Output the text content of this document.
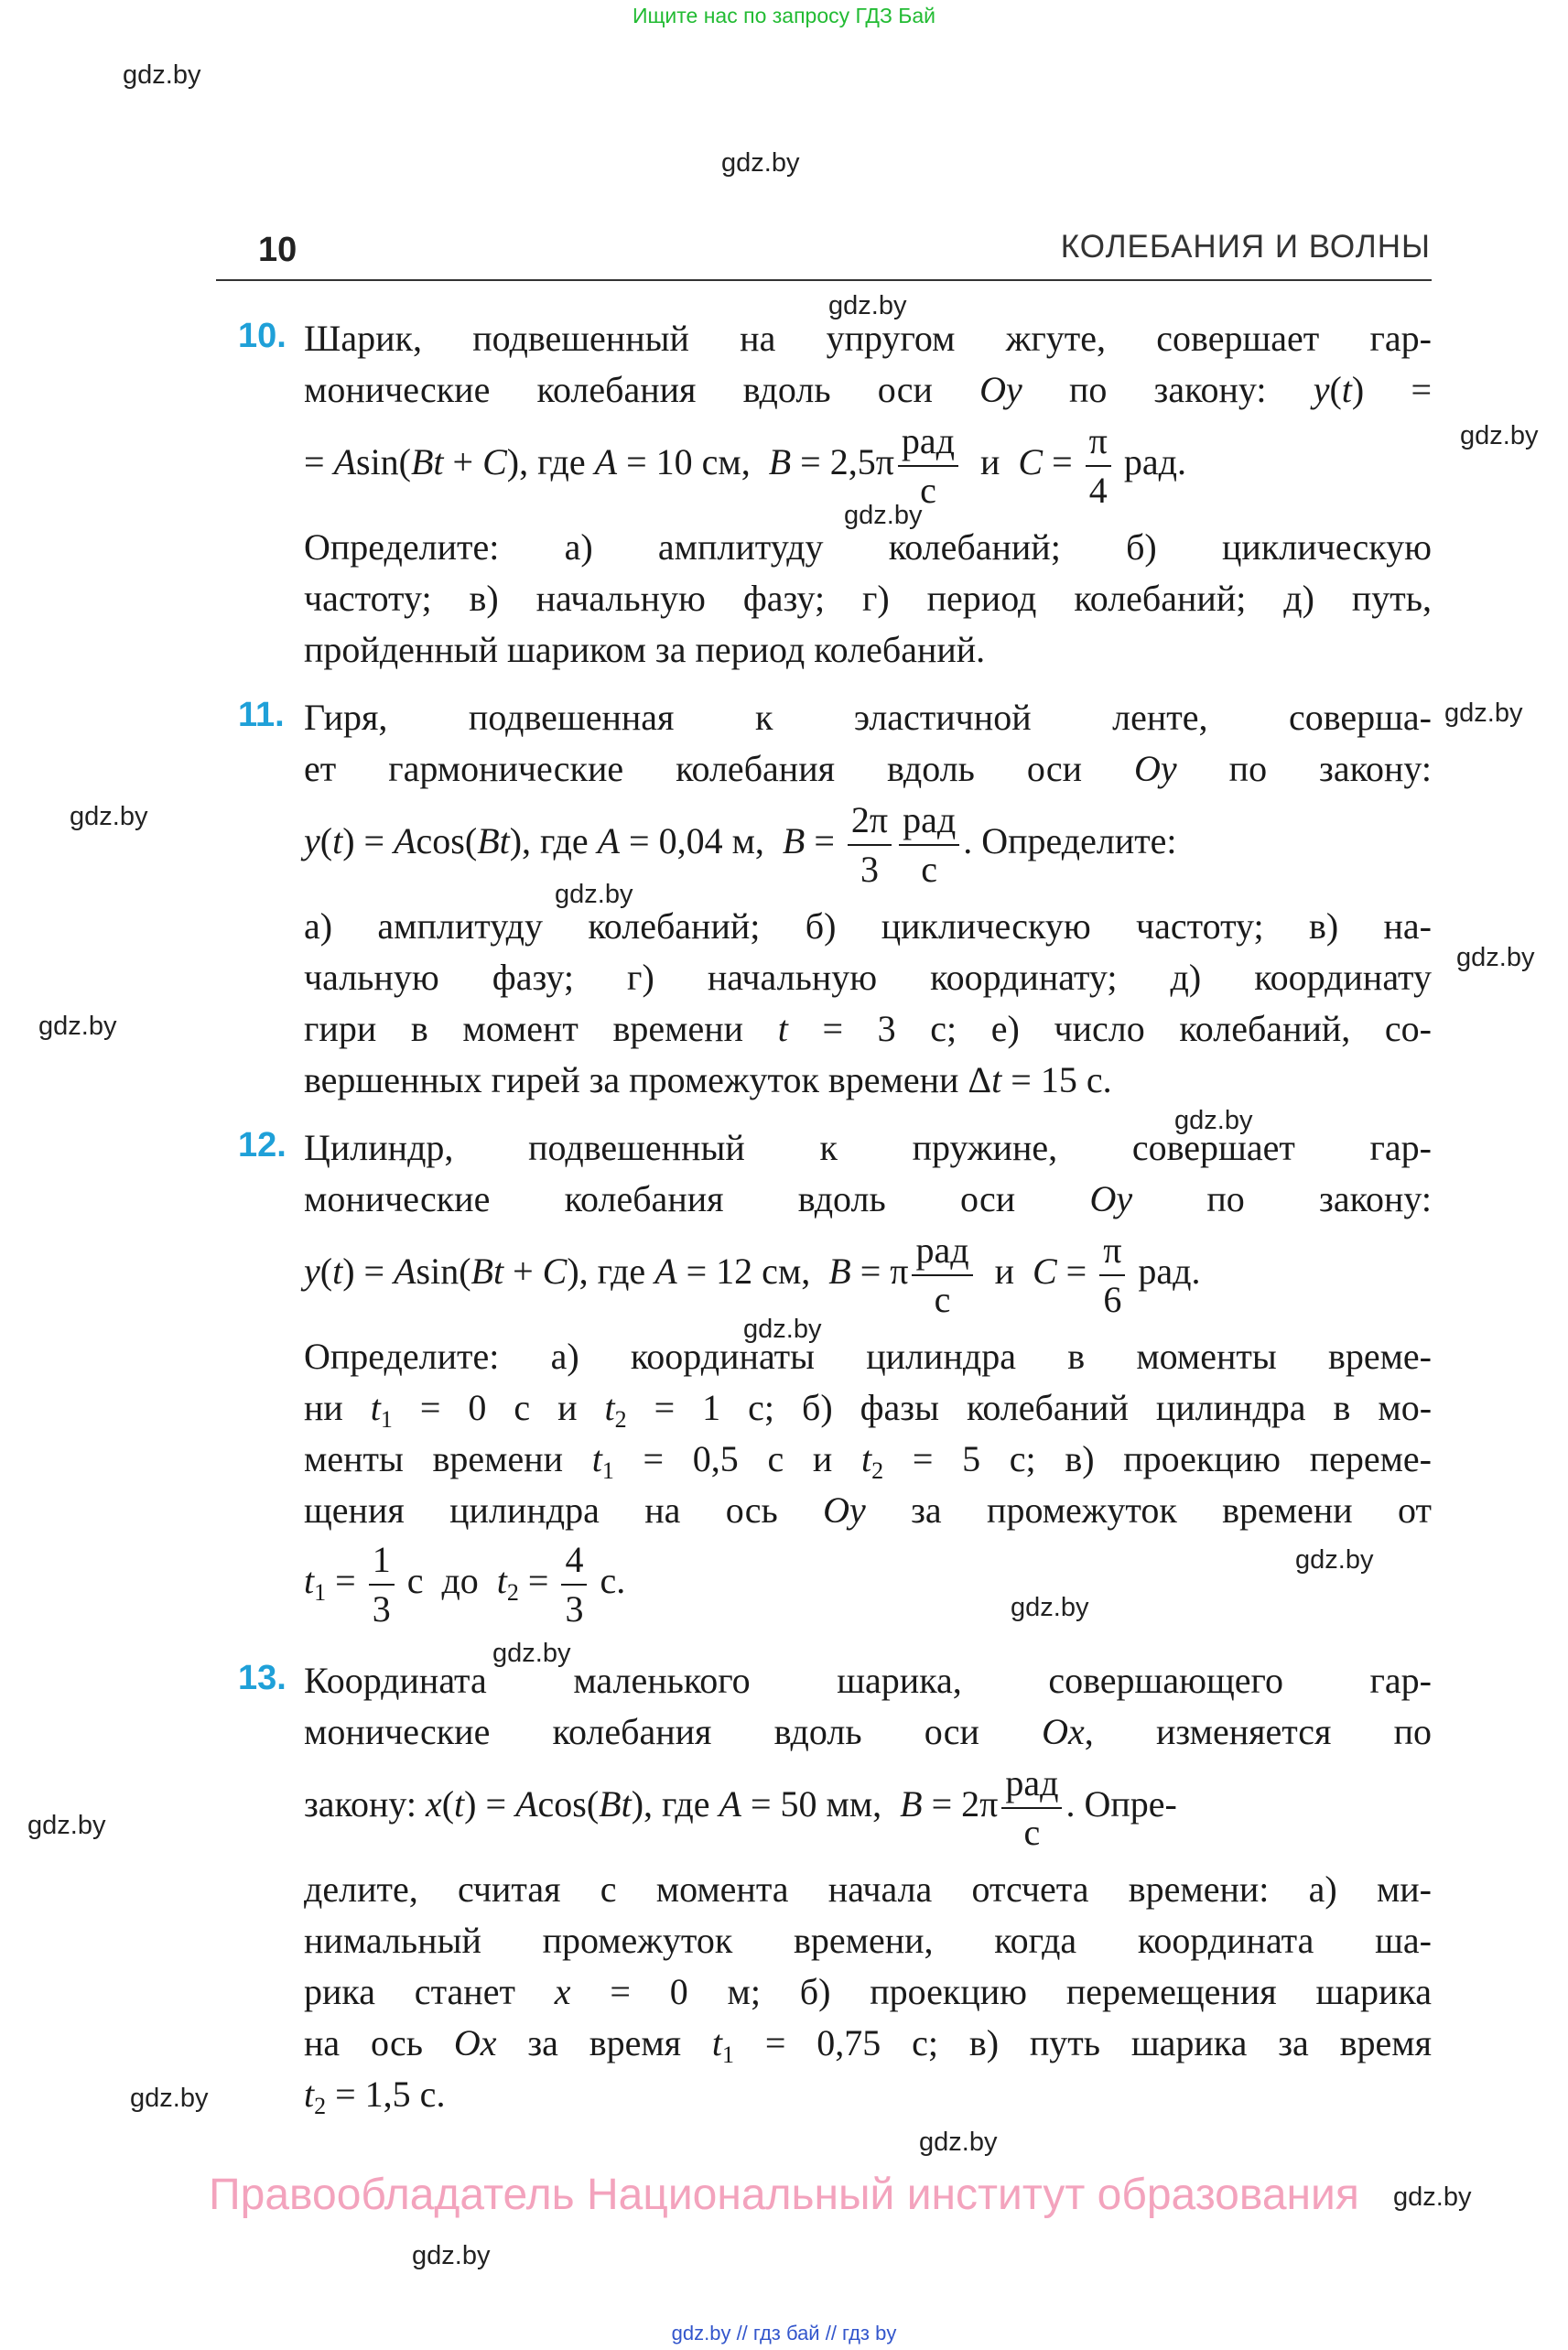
Ищите нас по запросу ГДЗ Бай
gdz.by
gdz.by
gdz.by
gdz.by
gdz.by
gdz.by
gdz.by
gdz.by
gdz.by
gdz.by
gdz.by
gdz.by
gdz.by
gdz.by
gdz.by
gdz.by
gdz.by
gdz.by
gdz.by
gdz.by
10	КОЛЕБАНИЯ И ВОЛНЫ
10. Шарик, подвешенный на упругом жгуте, совершает гар-
монические колебания вдоль оси Oy по закону: y(t) =
= Asin(Bt + C), где A = 10 см,  $B = 2,5\pi \frac{\text{рад}}{с}$ и  $C = \frac{\pi}{4}$ рад.
Определите: а) амплитуду колебаний; б) циклическую
частоту; в) начальную фазу; г) период колебаний; д) путь,
пройденный шариком за период колебаний.
11. Гиря, подвешенная к эластичной ленте, соверша-
ет гармонические колебания вдоль оси Oy по закону:
y(t) = Acos(Bt), где A = 0,04 м,  $B = \frac{2\pi}{3} \frac{\text{рад}}{с}$ . Определите:
а) амплитуду колебаний; б) циклическую частоту; в) на-
чальную фазу; г) начальную координату; д) координату
гири в момент времени t = 3 с; е) число колебаний, со-
вершенных гирей за промежуток времени Δt = 15 с.
12. Цилиндр, подвешенный к пружине, совершает гар-
монические колебания вдоль оси Oy по закону:
y(t) = Asin(Bt + C), где A = 12 см,  B = π $\frac{\text{рад}}{с}$ и  $C = \frac{\pi}{6}$ рад.
Определите: а) координаты цилиндра в моменты време-
ни $t_1 = 0$ с и $t_2 = 1$ с; б) фазы колебаний цилиндра в мо-
менты времени $t_1 = 0,5$ с и $t_2 = 5$ с; в) проекцию переме-
щения цилиндра на ось Oy за промежуток времени от
$t_1 = \frac{1}{3}$ с  до  $t_2 = \frac{4}{3} с$.
13. Координата маленького шарика, совершающего гар-
монические колебания вдоль оси Ox, изменяется по
закону: x(t) = Acos(Bt), где A = 50 мм,  $B = 2\pi \frac{\text{рад}}{с}$ . Опре-
делите, считая с момента начала отсчета времени: а) ми-
нимальный промежуток времени, когда координата ша-
рика станет x = 0 м; б) проекцию перемещения шарика
на ось Ox за время $t_1 = 0,75$ с; в) путь шарика за время
$t_2 = 1,5$ с.
Правообладатель Национальный институт образования
gdz.by // гдз бай // гдз by
